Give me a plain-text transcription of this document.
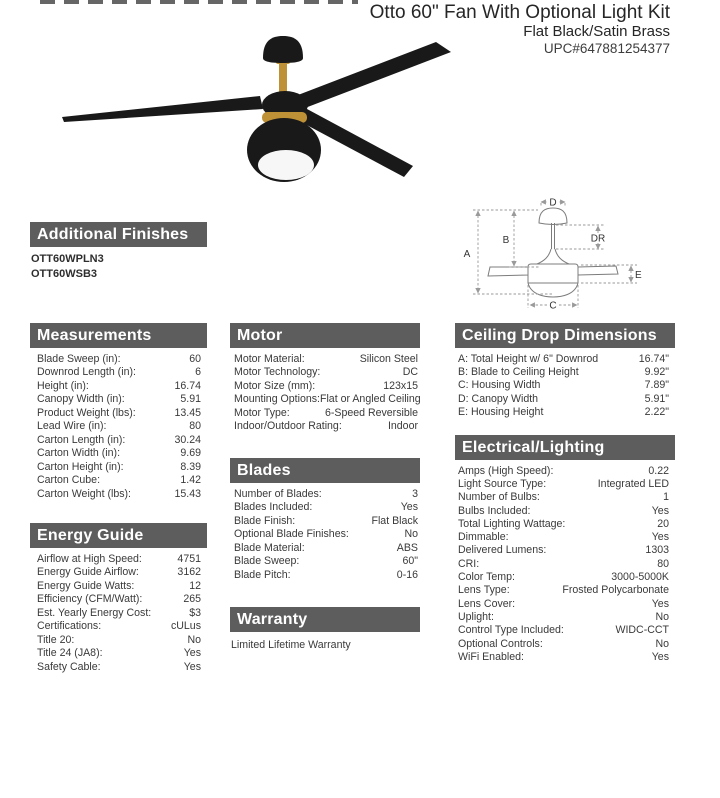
Otto 60" Fan With Optional Light Kit
Flat Black/Satin Brass
UPC#647881254377
D
A
B	DR
C
E
Additional Finishes
OTT60WPLN3
OTT60WSB3
Measurements
Blade Sweep (in):	60
Downrod Length (in):	6
Height (in):	16.74
Canopy Width (in):	5.91
Product Weight (lbs):	13.45
Lead Wire (in):	80
Carton Length (in):	30.24
Carton Width (in):	9.69
Carton Height (in):	8.39
Carton Cube:	1.42
Carton Weight (lbs):	15.43
Energy Guide
Airflow at High Speed:	4751
Energy Guide Airflow:	3162
Energy Guide Watts:	12
Efficiency (CFM/Watt):	265
Est. Yearly Energy Cost:	$3
Certifications:	cULus
Title 20:	No
Title 24 (JA8):	Yes
Safety Cable:	Yes
Motor
Motor Material:	Silicon Steel
Motor Technology:	DC
Motor Size (mm):	123x15
Mounting Options: Flat or Angled Ceiling
Motor Type:	6-Speed Reversible
Indoor/Outdoor Rating:	Indoor
Blades
Number of Blades:	3
Blades Included:	Yes
Blade Finish:	Flat Black
Optional Blade Finishes:	No
Blade Material:	ABS
Blade Sweep:	60"
Blade Pitch:	0-16
Warranty
Limited Lifetime Warranty
Ceiling Drop Dimensions
A: Total Height w/ 6" Downrod	16.74"
B: Blade to Ceiling Height	9.92"
C: Housing Width	7.89"
D: Canopy Width	5.91"
E: Housing Height	2.22"
Electrical/Lighting
Amps (High Speed):	0.22
Light Source Type:	Integrated LED
Number of Bulbs:	1
Bulbs Included:	Yes
Total Lighting Wattage:	20
Dimmable:	Yes
Delivered Lumens:	1303
CRI:	80
Color Temp:	3000-5000K
Lens Type:	Frosted Polycarbonate
Lens Cover:	Yes
Uplight:	No
Control Type Included:	WIDC-CCT
Optional Controls:	No
WiFi Enabled:	Yes
